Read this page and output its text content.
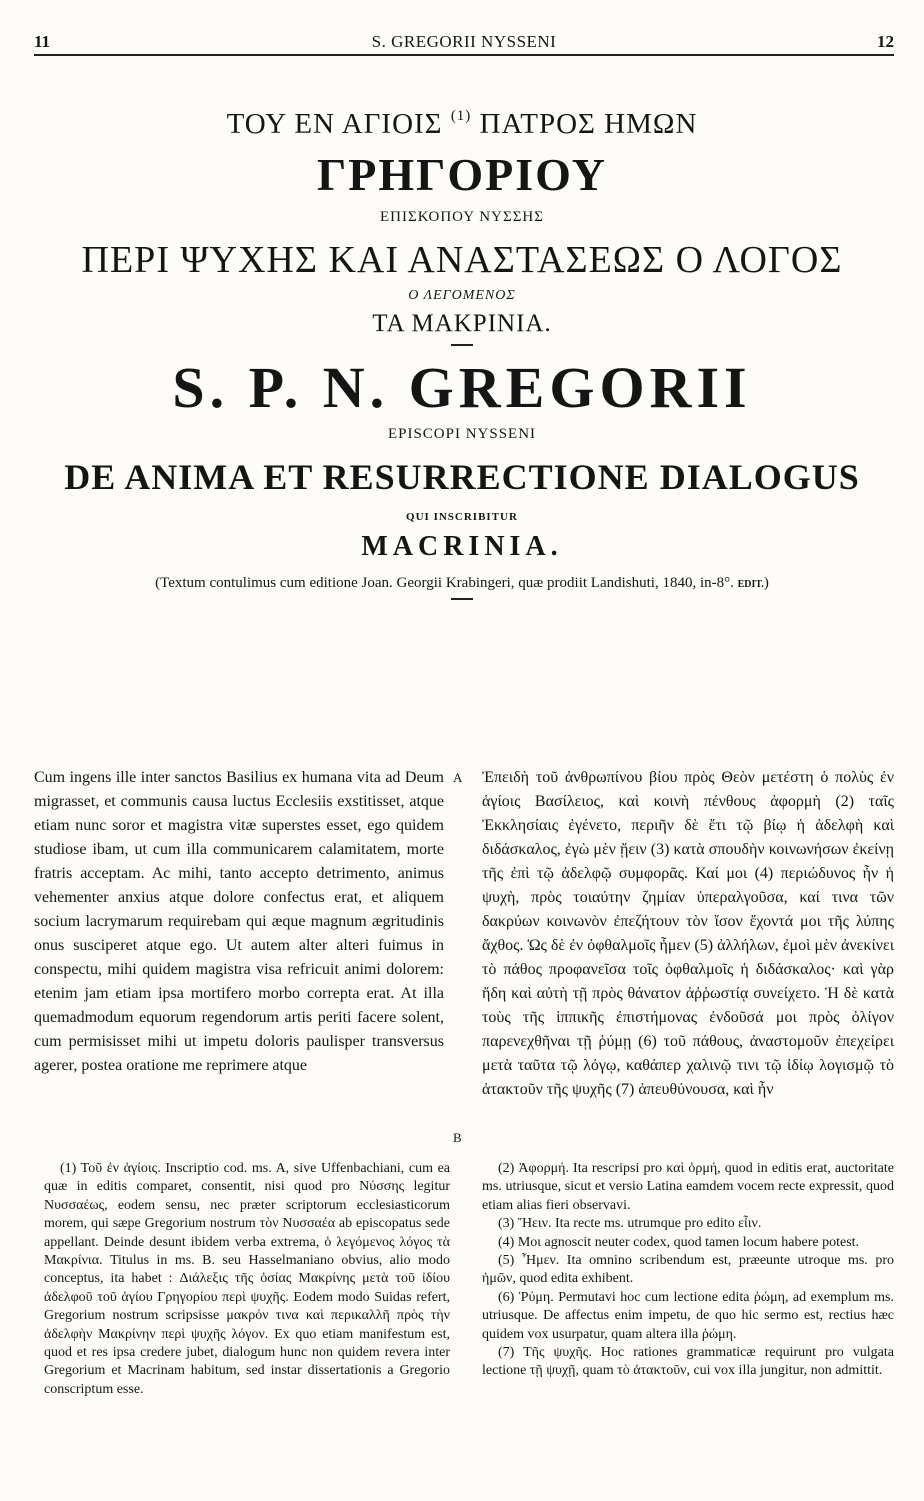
11	S. GREGORII NYSSENI	12
ΤΟΥ ΕΝ ΑΓΙΟΙΣ $^{(1)}$ ΠΑΤΡΟΣ ΗΜΩΝ
ΓΡΗΓΟΡΙΟΥ
ΕΠΙΣΚΟΠΟΥ ΝΥΣΣΗΣ
ΠΕΡΙ ΨΥΧΗΣ ΚΑΙ ΑΝΑΣΤΑΣΕΩΣ Ο ΛΟΓΟΣ
Ο ΛΕΓΟΜΕΝΟΣ
ΤΑ ΜΑΚΡΙΝΙΑ.
S. P. N. GREGORII
EPISCOPI NYSSENI
DE ANIMA ET RESURRECTIONE DIALOGUS
QUI INSCRIBITUR
MACRINIA.
(Textum contulimus cum editione Joan. Georgii Krabingeri, quæ prodiit Landishuti, 1840, in-8°. EDIT.)
Cum ingens ille inter sanctos Basilius ex humana vita ad Deum migrasset, et communis causa luctus Ecclesiis exstitisset, atque etiam nunc soror et magistra vitæ superstes esset, ego quidem studiose ibam, ut cum illa communicarem calamitatem, morte fratris acceptam. Ac mihi, tanto accepto detrimento, animus vehementer anxius atque dolore confectus erat, et aliquem socium lacrymarum requirebam qui æque magnum ægritudinis onus susciperet atque ego. Ut autem alter alteri fuimus in conspectu, mihi quidem magistra visa refricuit animi dolorem: etenim jam etiam ipsa mortifero morbo correpta erat. At illa quemadmodum equorum regendorum artis periti facere solent, cum permisisset mihi ut impetu doloris paulisper transversus agerer, postea oratione me reprimere atque
A
B
Ἐπειδὴ τοῦ ἀνθρωπίνου βίου πρὸς Θεὸν μετέστη ὁ πολὺς ἐν ἁγίοις Βασίλειος, καὶ κοινὴ πένθους ἀφορμὴ (2) ταῖς Ἐκκλησίαις ἐγένετο, περιῆν δὲ ἔτι τῷ βίῳ ἡ ἀδελφὴ καὶ διδάσκαλος, ἐγὼ μὲν ᾔειν (3) κατὰ σπουδὴν κοινωνήσων ἐκείνῃ τῆς ἐπὶ τῷ ἀδελφῷ συμφορᾶς. Καί μοι (4) περιώδυνος ἦν ἡ ψυχὴ, πρὸς τοιαύτην ζημίαν ὑπεραλγοῦσα, καί τινα τῶν δακρύων κοινωνὸν ἐπεζήτουν τὸν ἴσον ἔχοντά μοι τῆς λύπης ἄχθος. Ὡς δὲ ἐν ὀφθαλμοῖς ἦμεν (5) ἀλλήλων, ἐμοὶ μὲν ἀνεκίνει τὸ πάθος προφανεῖσα τοῖς ὀφθαλμοῖς ἡ διδάσκαλος· καὶ γὰρ ἤδη καὶ αὐτὴ τῇ πρὸς θάνατον ἀῤῥωστίᾳ συνείχετο. Ἡ δὲ κατὰ τοὺς τῆς ἱππικῆς ἐπιστήμονας ἐνδοῦσά μοι πρὸς ὀλίγον παρενεχθῆναι τῇ ῥύμῃ (6) τοῦ πάθους, ἀναστομοῦν ἐπεχείρει μετὰ ταῦτα τῷ λόγῳ, καθάπερ χαλινῷ τινι τῷ ἰδίῳ λογισμῷ τὸ ἀτακτοῦν τῆς ψυχῆς (7) ἀπευθύνουσα, καὶ ἦν

(1) Τοῦ ἐν ἁγίοις. Inscriptio cod. ms. A, sive Uffenbachiani, cum ea quæ in editis comparet, consentit, nisi quod pro Νύσσης legitur Νυσσαέως, eodem sensu, nec præter scriptorum ecclesiasticorum morem, qui sæpe Gregorium nostrum τὸν Νυσσαέα ab episcopatus sede appellant. Deinde desunt ibidem verba extrema, ὁ λεγόμενος λόγος τὰ Μακρίνια. Titulus in ms. B. seu Hasselmaniano obvius, alio modo conceptus, ita habet : Διάλεξις τῆς ὁσίας Μακρίνης μετὰ τοῦ ἰδίου ἀδελφοῦ τοῦ ἁγίου Γρηγορίου περὶ ψυχῆς. Eodem modo Suidas refert, Gregorium nostrum scripsisse μακρόν τινα καὶ περικαλλῆ πρὸς τὴν ἀδελφὴν Μακρίνην περὶ ψυχῆς λόγον. Ex quo etiam manifestum est, quod et res ipsa credere jubet, dialogum hunc non quidem revera inter Gregorium et Macrinam habitum, sed instar dissertationis a Gregorio conscriptum esse.

(2) Ἀφορμή. Ita rescripsi pro καὶ ὁρμή, quod in editis erat, auctoritate ms. utriusque, sicut et versio Latina eamdem vocem recte expressit, quod etiam alias fieri observavi.

(3) Ἤειν. Ita recte ms. utrumque pro edito εἶιν.

(4) Μοι agnoscit neuter codex, quod tamen locum habere potest.

(5) Ἦμεν. Ita omnino scribendum est, præeunte utroque ms. pro ἡμῶν, quod edita exhibent.

(6) Ῥύμη. Permutavi hoc cum lectione edita ῥώμη, ad exemplum ms. utriusque. De affectus enim impetu, de quo hic sermo est, rectius hæc quidem vox usurpatur, quam altera illa ῥώμη.

(7) Τῆς ψυχῆς. Hoc rationes grammaticæ requirunt pro vulgata lectione τῇ ψυχῇ, quam τὸ ἀτακτοῦν, cui vox illa jungitur, non admittit.
